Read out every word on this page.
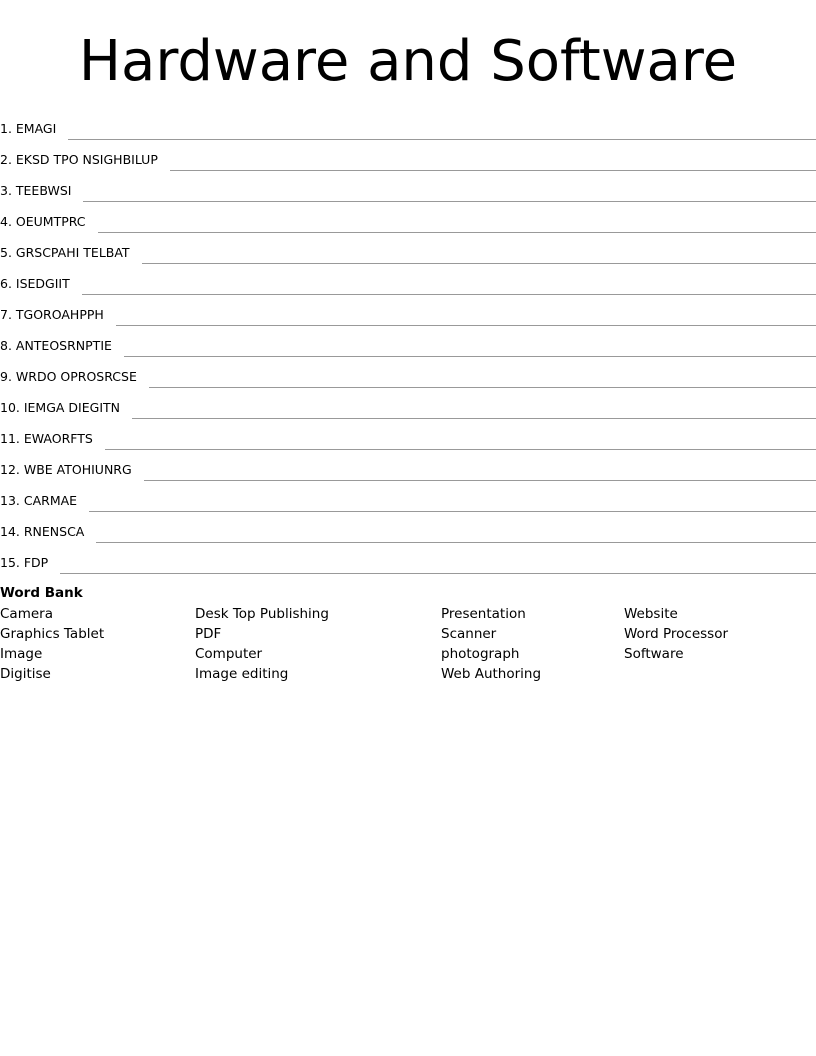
Hardware and Software
1. EMAGI
2. EKSD TPO NSIGHBILUP
3. TEEBWSI
4. OEUMTPRC
5. GRSCPAHI TELBAT
6. ISEDGIIT
7. TGOROAHPPH
8. ANTEOSRNPTIE
9. WRDO OPROSRCSE
10. IEMGA DIEGITN
11. EWAORFTS
12. WBE ATOHIUNRG
13. CARMAE
14. RNENSCA
15. FDP
Word Bank
Camera
Graphics Tablet
Image
Digitise
Desk Top Publishing
PDF
Computer
Image editing
Presentation
Scanner
photograph
Web Authoring
Website
Word Processor
Software
